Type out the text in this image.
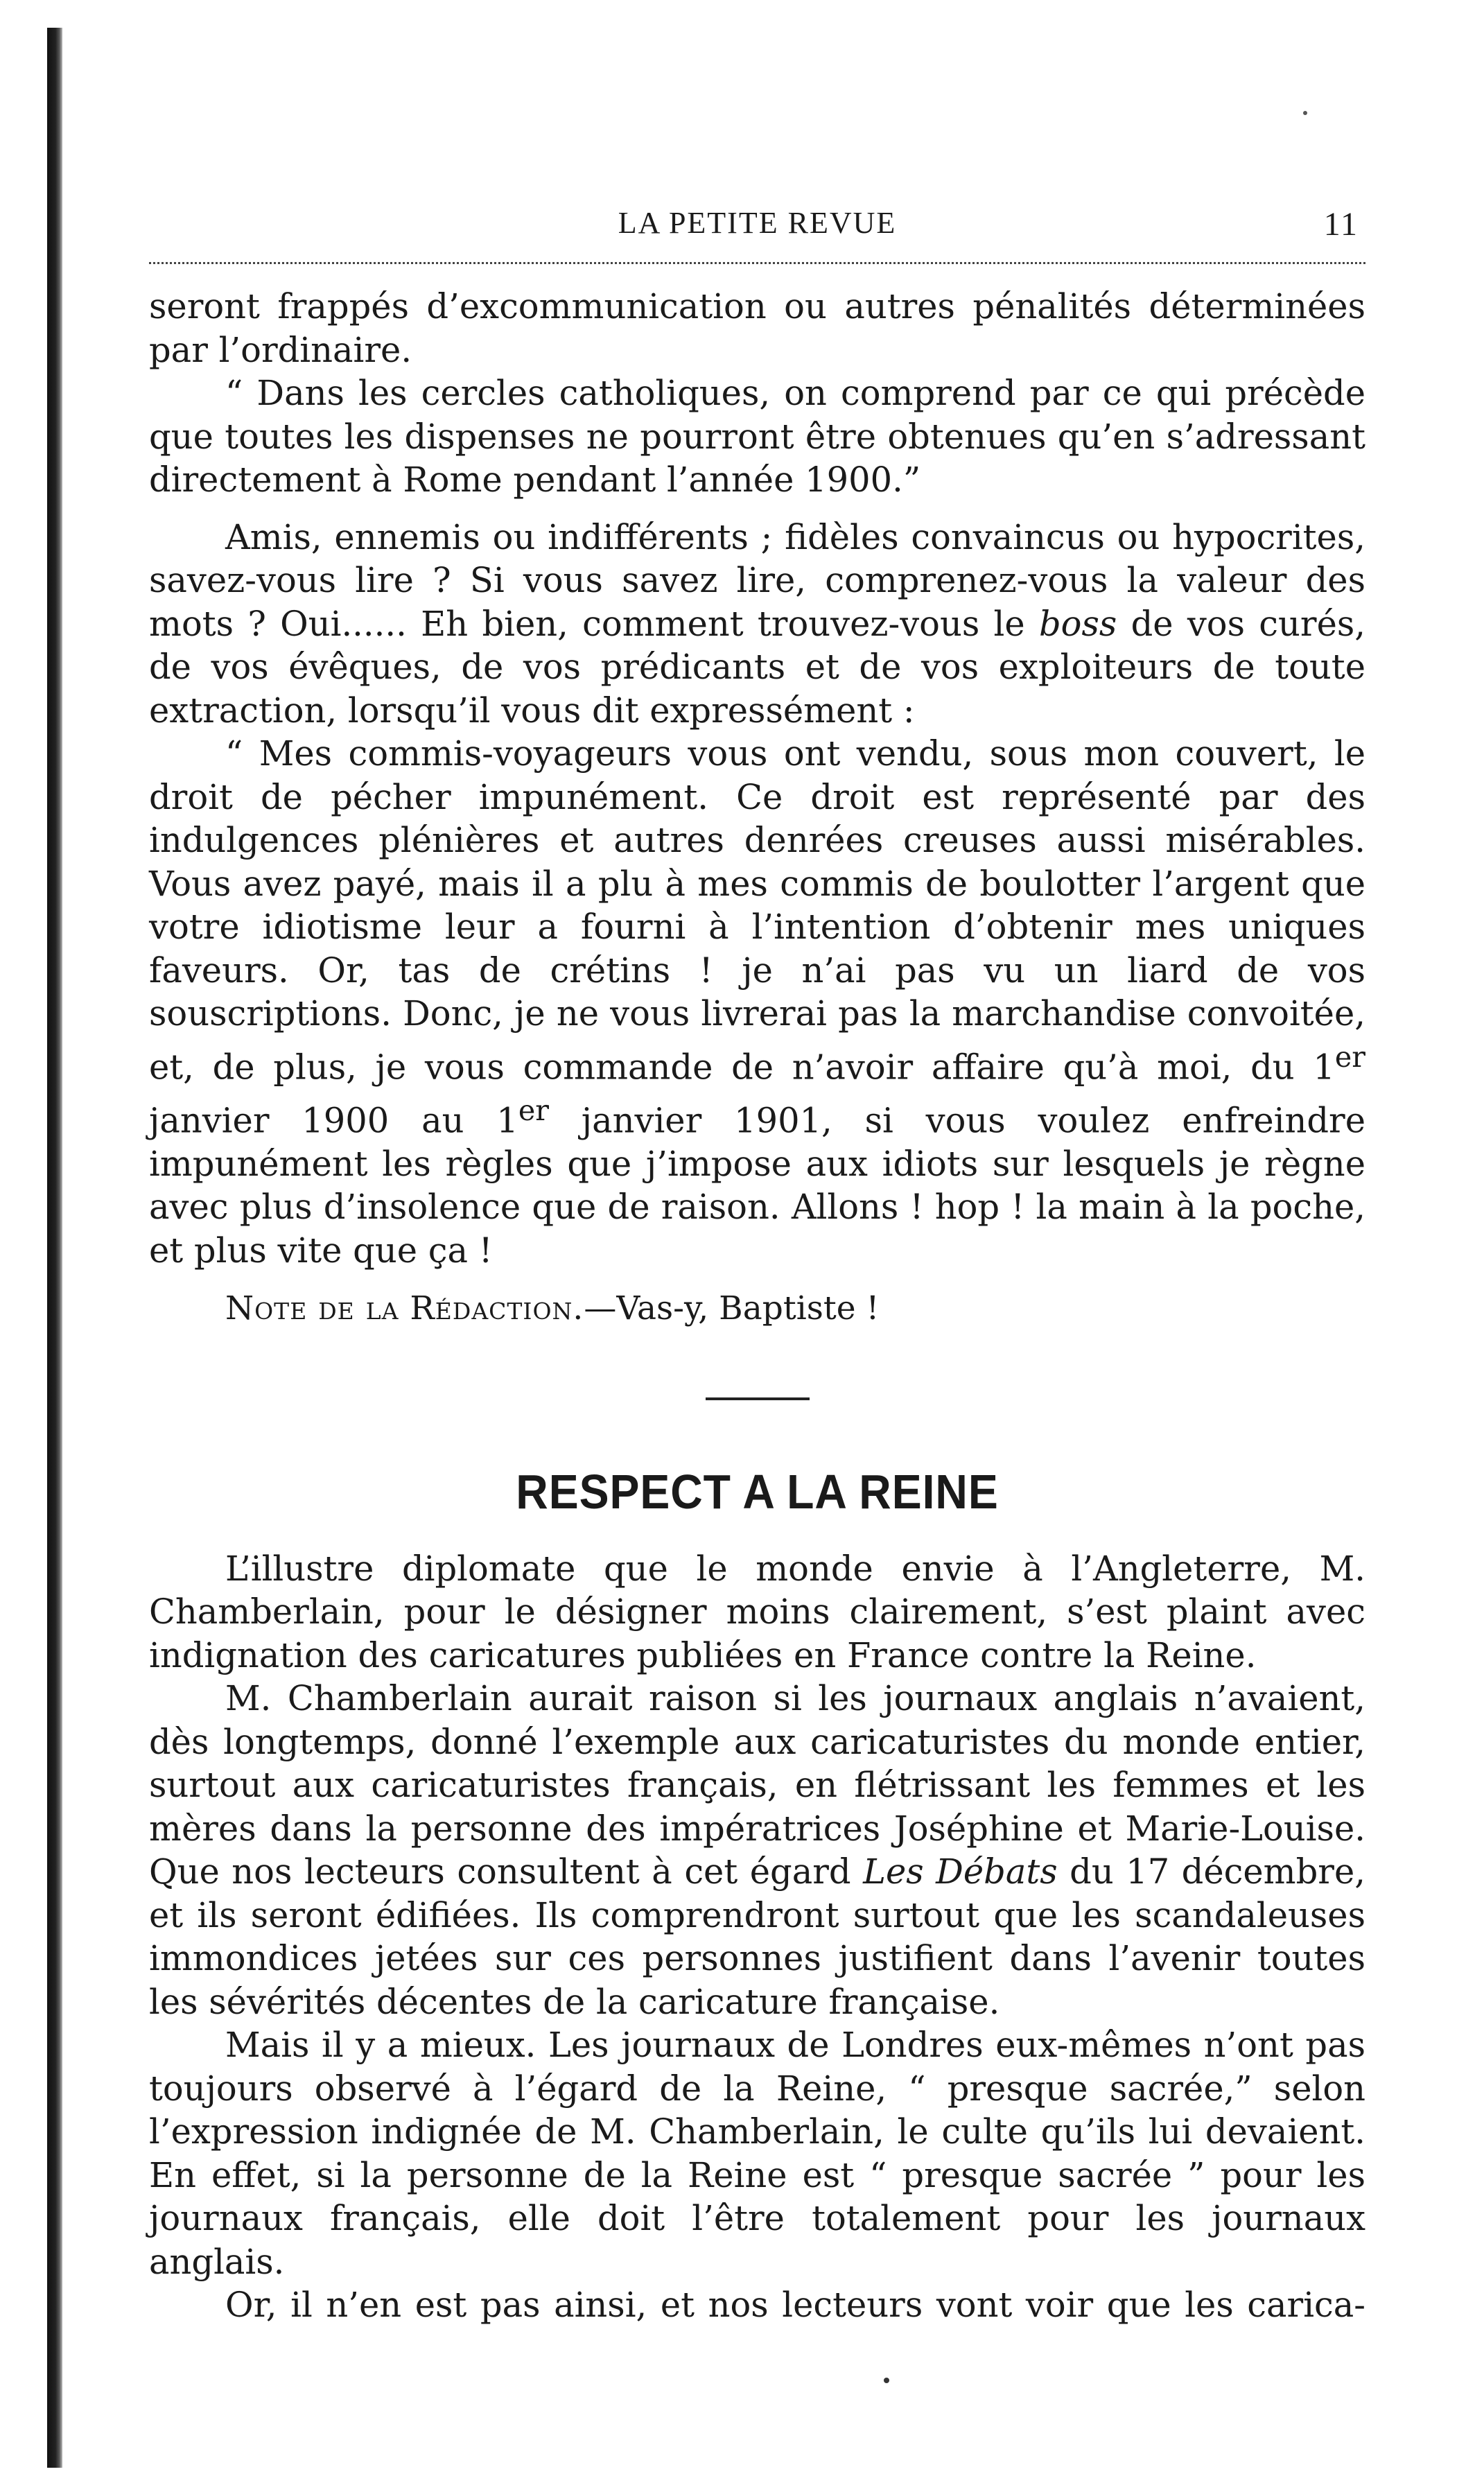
LA PETITE REVUE	11

seront frappés d’excommunication ou autres pénalités déterminées par l’ordinaire.

“ Dans les cercles catholiques, on comprend par ce qui précède que toutes les dispenses ne pourront être obtenues qu’en s’adressant directement à Rome pendant l’année 1900.”

Amis, ennemis ou indifférents ; fidèles convaincus ou hypocrites, savez-vous lire ? Si vous savez lire, comprenez-vous la valeur des mots ? Oui...... Eh bien, comment trouvez-vous le boss de vos curés, de vos évêques, de vos prédicants et de vos exploiteurs de toute extraction, lorsqu’il vous dit expressément :

“ Mes commis-voyageurs vous ont vendu, sous mon couvert, le droit de pécher impunément. Ce droit est représenté par des indulgences plénières et autres denrées creuses aussi misérables. Vous avez payé, mais il a plu à mes commis de boulotter l’argent que votre idiotisme leur a fourni à l’intention d’obtenir mes uniques faveurs. Or, tas de crétins ! je n’ai pas vu un liard de vos souscriptions. Donc, je ne vous livrerai pas la marchandise convoitée, et, de plus, je vous commande de n’avoir affaire qu’à moi, du 1er janvier 1900 au 1er janvier 1901, si vous voulez enfreindre impunément les règles que j’impose aux idiots sur lesquels je règne avec plus d’insolence que de raison. Allons ! hop ! la main à la poche, et plus vite que ça !

Note de la Rédaction.—Vas-y, Baptiste !

RESPECT A LA REINE

L’illustre diplomate que le monde envie à l’Angleterre, M. Chamberlain, pour le désigner moins clairement, s’est plaint avec indignation des caricatures publiées en France contre la Reine.

M. Chamberlain aurait raison si les journaux anglais n’avaient, dès longtemps, donné l’exemple aux caricaturistes du monde entier, surtout aux caricaturistes français, en flétrissant les femmes et les mères dans la personne des impératrices Joséphine et Marie-Louise. Que nos lecteurs consultent à cet égard Les Débats du 17 décembre, et ils seront édifiées. Ils comprendront surtout que les scandaleuses immondices jetées sur ces personnes justifient dans l’avenir toutes les sévérités décentes de la caricature française.

Mais il y a mieux. Les journaux de Londres eux-mêmes n’ont pas toujours observé à l’égard de la Reine, “ presque sacrée,” selon l’expression indignée de M. Chamberlain, le culte qu’ils lui devaient. En effet, si la personne de la Reine est “ presque sacrée ” pour les journaux français, elle doit l’être totalement pour les journaux anglais.

Or, il n’en est pas ainsi, et nos lecteurs vont voir que les carica-
